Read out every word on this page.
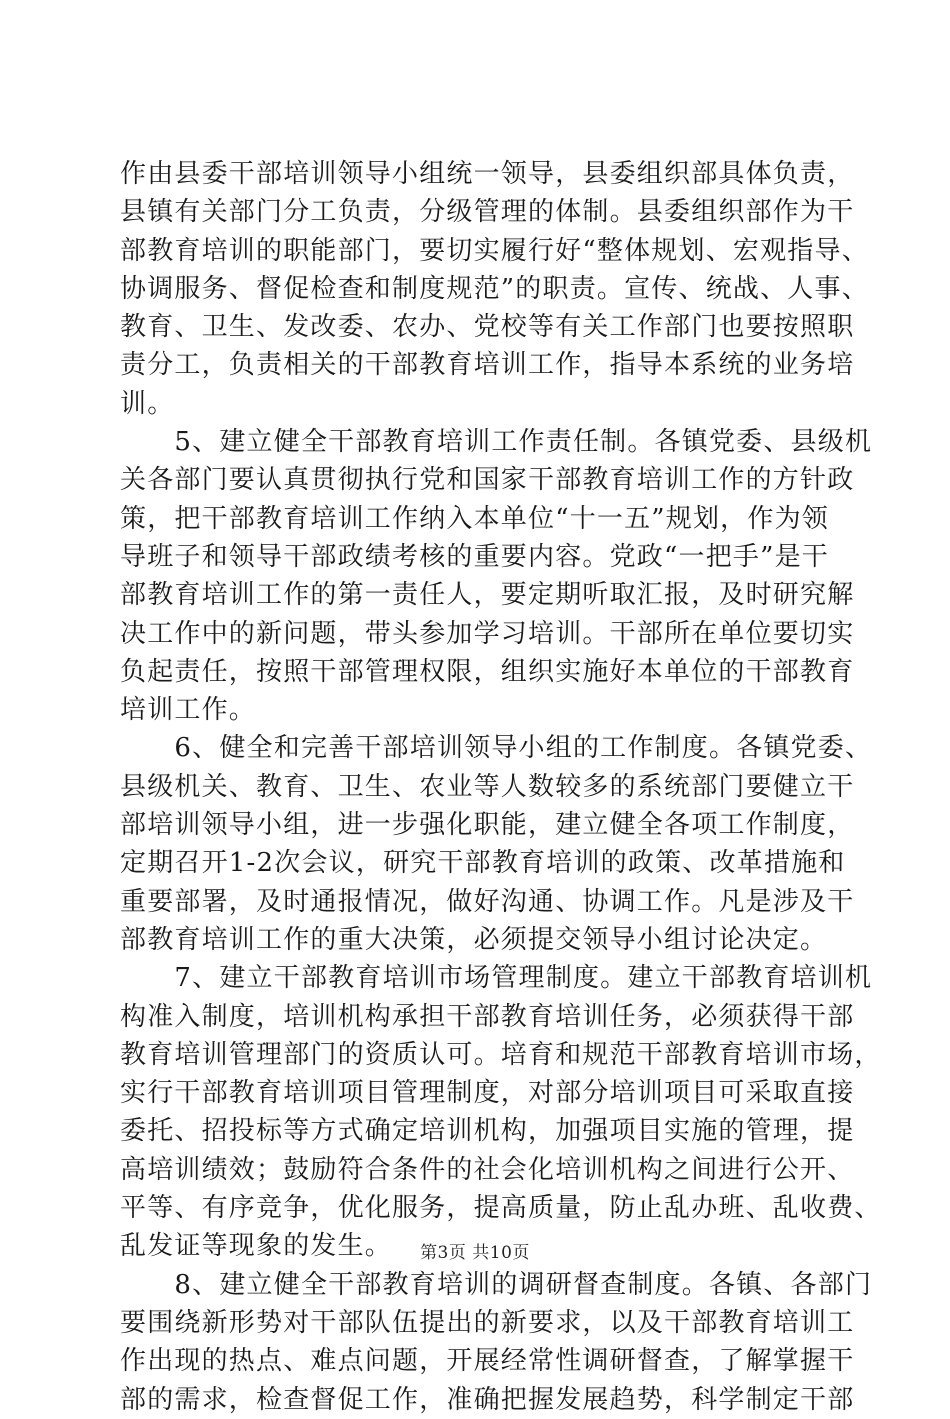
作由县委干部培训领导小组统一领导，县委组织部具体负责，
县镇有关部门分工负责，分级管理的体制。县委组织部作为干
部教育培训的职能部门，要切实履行好“整体规划、宏观指导、
协调服务、督促检查和制度规范”的职责。宣传、统战、人事、
教育、卫生、发改委、农办、党校等有关工作部门也要按照职
责分工，负责相关的干部教育培训工作，指导本系统的业务培
训。
　　5、建立健全干部教育培训工作责任制。各镇党委、县级机
关各部门要认真贯彻执行党和国家干部教育培训工作的方针政
策，把干部教育培训工作纳入本单位“十一五”规划，作为领
导班子和领导干部政绩考核的重要内容。党政“一把手”是干
部教育培训工作的第一责任人，要定期听取汇报，及时研究解
决工作中的新问题，带头参加学习培训。干部所在单位要切实
负起责任，按照干部管理权限，组织实施好本单位的干部教育
培训工作。
　　6、健全和完善干部培训领导小组的工作制度。各镇党委、
县级机关、教育、卫生、农业等人数较多的系统部门要健立干
部培训领导小组，进一步强化职能，建立健全各项工作制度，
定期召开1-2次会议，研究干部教育培训的政策、改革措施和
重要部署，及时通报情况，做好沟通、协调工作。凡是涉及干
部教育培训工作的重大决策，必须提交领导小组讨论决定。
　　7、建立干部教育培训市场管理制度。建立干部教育培训机
构准入制度，培训机构承担干部教育培训任务，必须获得干部
教育培训管理部门的资质认可。培育和规范干部教育培训市场，
实行干部教育培训项目管理制度，对部分培训项目可采取直接
委托、招投标等方式确定培训机构，加强项目实施的管理，提
高培训绩效；鼓励符合条件的社会化培训机构之间进行公开、
平等、有序竞争，优化服务，提高质量，防止乱办班、乱收费、
乱发证等现象的发生。
　　8、建立健全干部教育培训的调研督查制度。各镇、各部门
要围绕新形势对干部队伍提出的新要求，以及干部教育培训工
作出现的热点、难点问题，开展经常性调研督查，了解掌握干
部的需求，检查督促工作，准确把握发展趋势，科学制定干部
第3页 共10页
